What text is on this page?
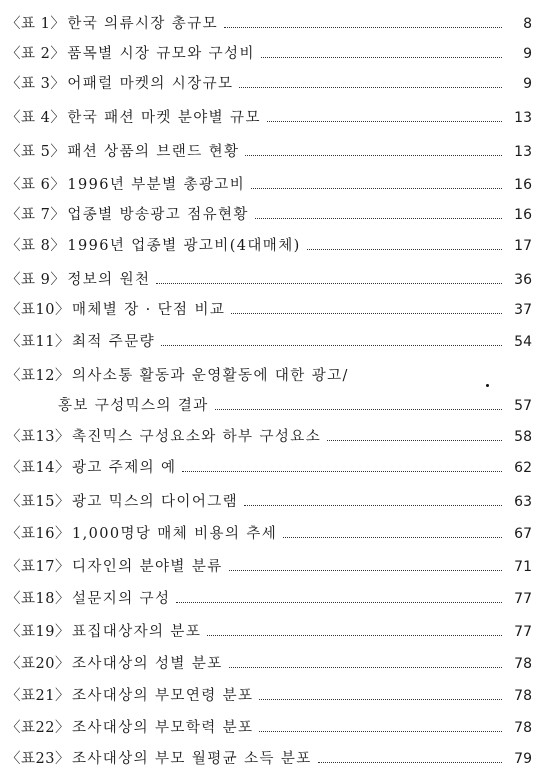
〈표 1〉 한국 의류시장 총규모	8
〈표 2〉 품목별 시장 규모와 구성비	9
〈표 3〉 어패럴 마켓의 시장규모	9
〈표 4〉 한국 패션 마켓 분야별 규모	13
〈표 5〉 패션 상품의 브랜드 현황	13
〈표 6〉 1996년 부분별 총광고비	16
〈표 7〉 업종별 방송광고 점유현황	16
〈표 8〉 1996년 업종별 광고비(4대매체)	17
〈표 9〉 정보의 원천	36
〈표10〉 매체별 장 · 단점 비교	37
〈표11〉 최적 주문량	54
〈표12〉 의사소통 활동과 운영활동에 대한 광고/
홍보 구성믹스의 결과	57
〈표13〉 촉진믹스 구성요소와 하부 구성요소	58
〈표14〉 광고 주제의 예	62
〈표15〉 광고 믹스의 다이어그램	63
〈표16〉 1,000명당 매체 비용의 추세	67
〈표17〉 디자인의 분야별 분류	71
〈표18〉 설문지의 구성	77
〈표19〉 표집대상자의 분포	77
〈표20〉 조사대상의 성별 분포	78
〈표21〉 조사대상의 부모연령 분포	78
〈표22〉 조사대상의 부모학력 분포	78
〈표23〉 조사대상의 부모 월평균 소득 분포	79
